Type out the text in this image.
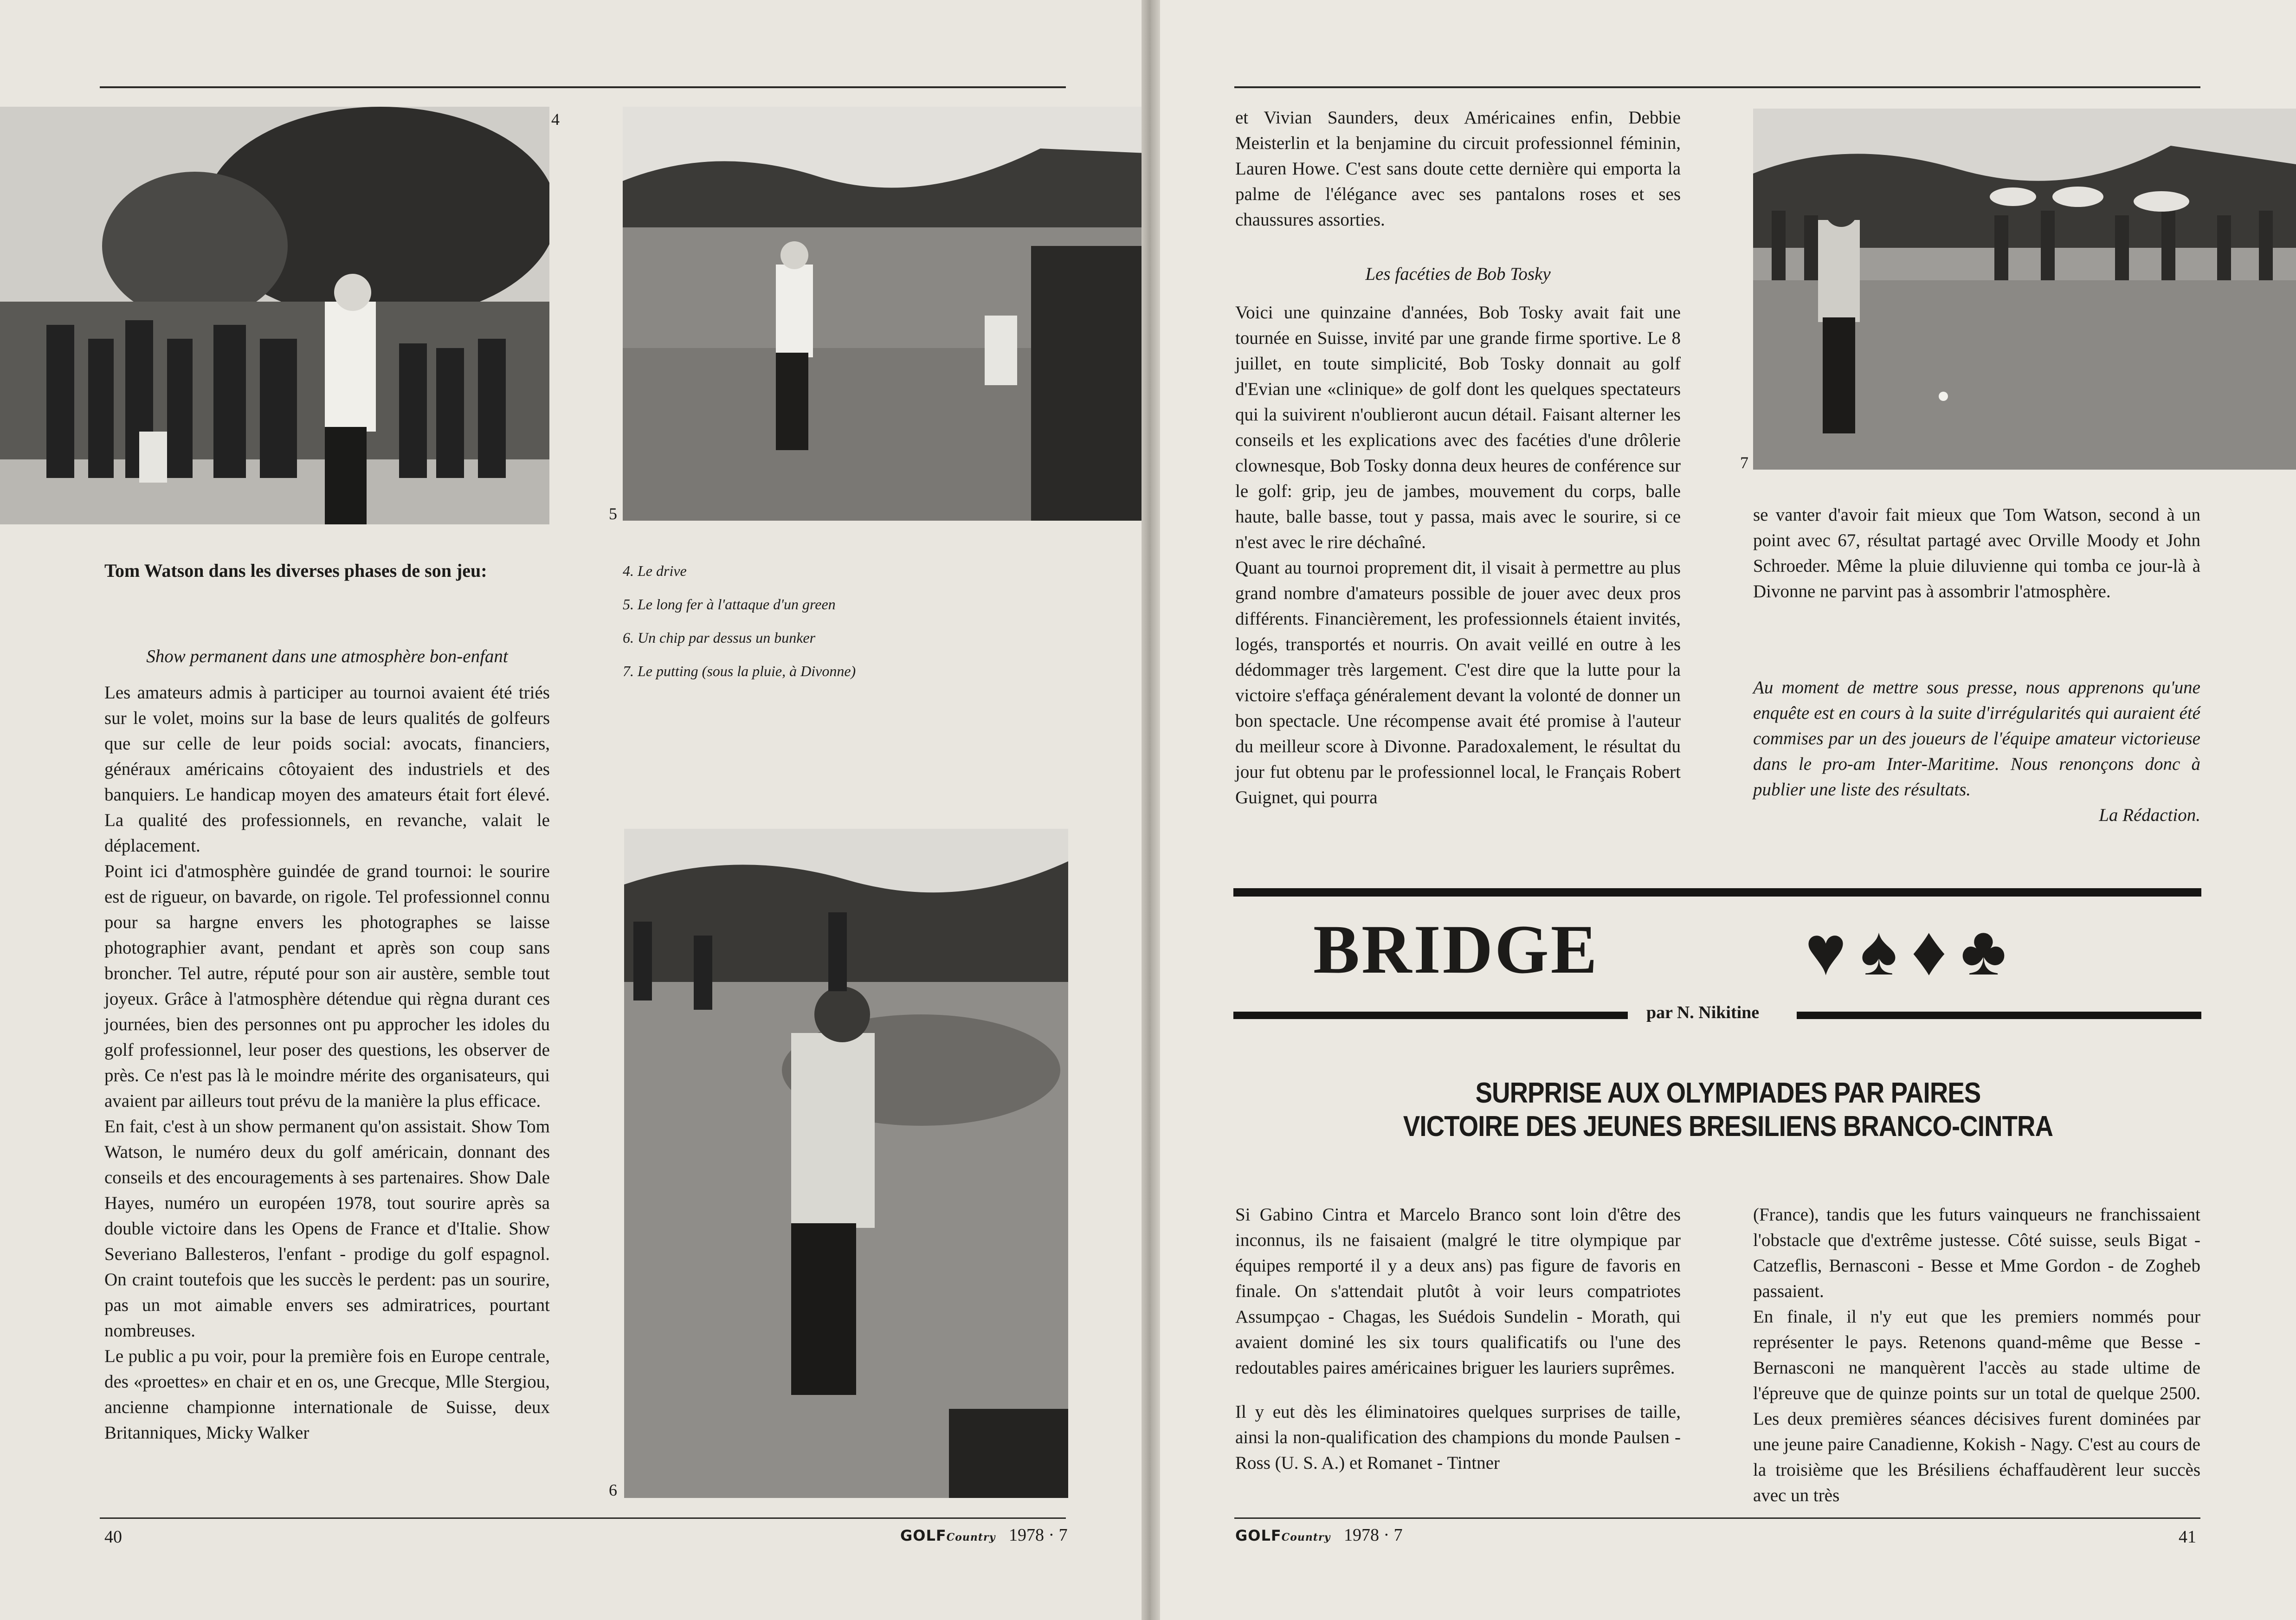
4
5
Tom Watson dans les diverses phases de son jeu:	4. Le drive
5. Le long fer à l'attaque d'un green
6. Un chip par dessus un bunker
7. Le putting (sous la pluie, à Divonne)
Show permanent dans une atmosphère bon-enfant

Les amateurs admis à participer au tournoi avaient été triés sur le volet, moins sur la base de leurs qualités de golfeurs que sur celle de leur poids social: avocats, financiers, généraux américains côtoyaient des industriels et des banquiers. Le handicap moyen des amateurs était fort élevé. La qualité des professionnels, en revanche, valait le déplacement.

Point ici d'atmosphère guindée de grand tournoi: le sourire est de rigueur, on bavarde, on rigole. Tel professionnel connu pour sa hargne envers les photographes se laisse photographier avant, pendant et après son coup sans broncher. Tel autre, réputé pour son air austère, semble tout joyeux. Grâce à l'atmosphère détendue qui règna durant ces journées, bien des personnes ont pu approcher les idoles du golf professionnel, leur poser des questions, les observer de près. Ce n'est pas là le moindre mérite des organisateurs, qui avaient par ailleurs tout prévu de la manière la plus efficace.

En fait, c'est à un show permanent qu'on assistait. Show Tom Watson, le numéro deux du golf américain, donnant des conseils et des encouragements à ses partenaires. Show Dale Hayes, numéro un européen 1978, tout sourire après sa double victoire dans les Opens de France et d'Italie. Show Severiano Ballesteros, l'enfant - prodige du golf espagnol. On craint toutefois que les succès le perdent: pas un sourire, pas un mot aimable envers ses admiratrices, pourtant nombreuses.

Le public a pu voir, pour la première fois en Europe centrale, des «proettes» en chair et en os, une Grecque, Mlle Stergiou, ancienne championne internationale de Suisse, deux Britanniques, Micky Walker

6
40	GOLFCountry 1978 · 7

et Vivian Saunders, deux Américaines enfin, Debbie Meisterlin et la benjamine du circuit professionnel féminin, Lauren Howe. C'est sans doute cette dernière qui emporta la palme de l'élégance avec ses pantalons roses et ses chaussures assorties.

Les facéties de Bob Tosky

Voici une quinzaine d'années, Bob Tosky avait fait une tournée en Suisse, invité par une grande firme sportive. Le 8 juillet, en toute simplicité, Bob Tosky donnait au golf d'Evian une «clinique» de golf dont les quelques spectateurs qui la suivirent n'oublieront aucun détail. Faisant alterner les conseils et les explications avec des facéties d'une drôlerie clownesque, Bob Tosky donna deux heures de conférence sur le golf: grip, jeu de jambes, mouvement du corps, balle haute, balle basse, tout y passa, mais avec le sourire, si ce n'est avec le rire déchaîné.

Quant au tournoi proprement dit, il visait à permettre au plus grand nombre d'amateurs possible de jouer avec deux pros différents. Financièrement, les professionnels étaient invités, logés, transportés et nourris. On avait veillé en outre à les dédommager très largement. C'est dire que la lutte pour la victoire s'effaça généralement devant la volonté de donner un bon spectacle. Une récompense avait été promise à l'auteur du meilleur score à Divonne. Paradoxalement, le résultat du jour fut obtenu par le professionnel local, le Français Robert Guignet, qui pourra

7

se vanter d'avoir fait mieux que Tom Watson, second à un point avec 67, résultat partagé avec Orville Moody et John Schroeder. Même la pluie diluvienne qui tomba ce jour-là à Divonne ne parvint pas à assombrir l'atmosphère.

Au moment de mettre sous presse, nous apprenons qu'une enquête est en cours à la suite d'irrégularités qui auraient été commises par un des joueurs de l'équipe amateur victorieuse dans le pro-am Inter-Maritime. Nous renonçons donc à publier une liste des résultats.

La Rédaction.

BRIDGE	♥♠♦♣
par N. Nikitine
SURPRISE AUX OLYMPIADES PAR PAIRES
VICTOIRE DES JEUNES BRESILIENS BRANCO-CINTRA

Si Gabino Cintra et Marcelo Branco sont loin d'être des inconnus, ils ne faisaient (malgré le titre olympique par équipes remporté il y a deux ans) pas figure de favoris en finale. On s'attendait plutôt à voir leurs compatriotes Assumpçao - Chagas, les Suédois Sundelin - Morath, qui avaient dominé les six tours qualificatifs ou l'une des redoutables paires américaines briguer les lauriers suprêmes.

Il y eut dès les éliminatoires quelques surprises de taille, ainsi la non-qualification des champions du monde Paulsen - Ross (U. S. A.) et Romanet - Tintner

(France), tandis que les futurs vainqueurs ne franchissaient l'obstacle que d'extrême justesse. Côté suisse, seuls Bigat - Catzeflis, Bernasconi - Besse et Mme Gordon - de Zogheb passaient.

En finale, il n'y eut que les premiers nommés pour représenter le pays. Retenons quand-même que Besse - Bernasconi ne manquèrent l'accès au stade ultime de l'épreuve que de quinze points sur un total de quelque 2500. Les deux premières séances décisives furent dominées par une jeune paire Canadienne, Kokish - Nagy. C'est au cours de la troisième que les Brésiliens échaffaudèrent leur succès avec un très

GOLFCountry 1978 · 7	41
